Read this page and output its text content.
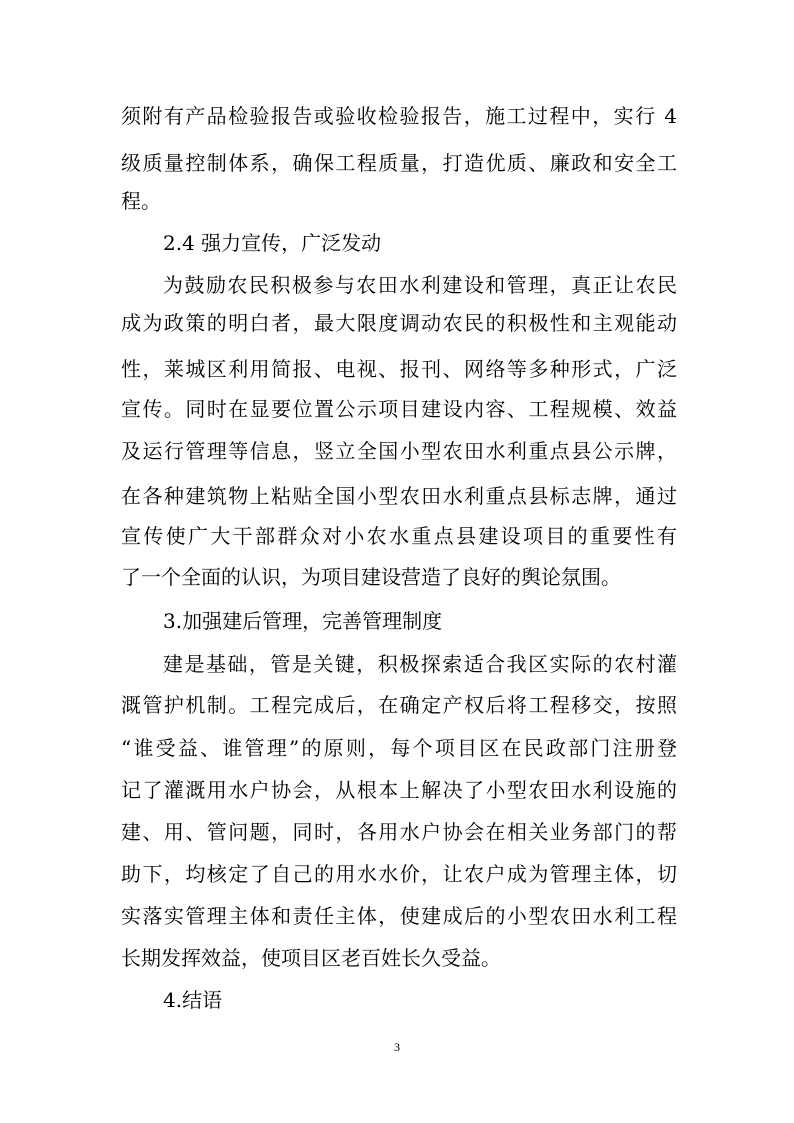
须附有产品检验报告或验收检验报告，施工过程中，实行 4
级质量控制体系，确保工程质量，打造优质、廉政和安全工
程。
2.4 强力宣传，广泛发动
为鼓励农民积极参与农田水利建设和管理，真正让农民
成为政策的明白者，最大限度调动农民的积极性和主观能动
性，莱城区利用简报、电视、报刊、网络等多种形式，广泛
宣传。同时在显要位置公示项目建设内容、工程规模、效益
及运行管理等信息，竖立全国小型农田水利重点县公示牌，
在各种建筑物上粘贴全国小型农田水利重点县标志牌，通过
宣传使广大干部群众对小农水重点县建设项目的重要性有
了一个全面的认识，为项目建设营造了良好的舆论氛围。
3.加强建后管理，完善管理制度
建是基础，管是关键，积极探索适合我区实际的农村灌
溉管护机制。工程完成后，在确定产权后将工程移交，按照
“谁受益、谁管理”的原则，每个项目区在民政部门注册登
记了灌溉用水户协会，从根本上解决了小型农田水利设施的
建、用、管问题，同时，各用水户协会在相关业务部门的帮
助下，均核定了自己的用水水价，让农户成为管理主体，切
实落实管理主体和责任主体，使建成后的小型农田水利工程
长期发挥效益，使项目区老百姓长久受益。
4.结语
3
